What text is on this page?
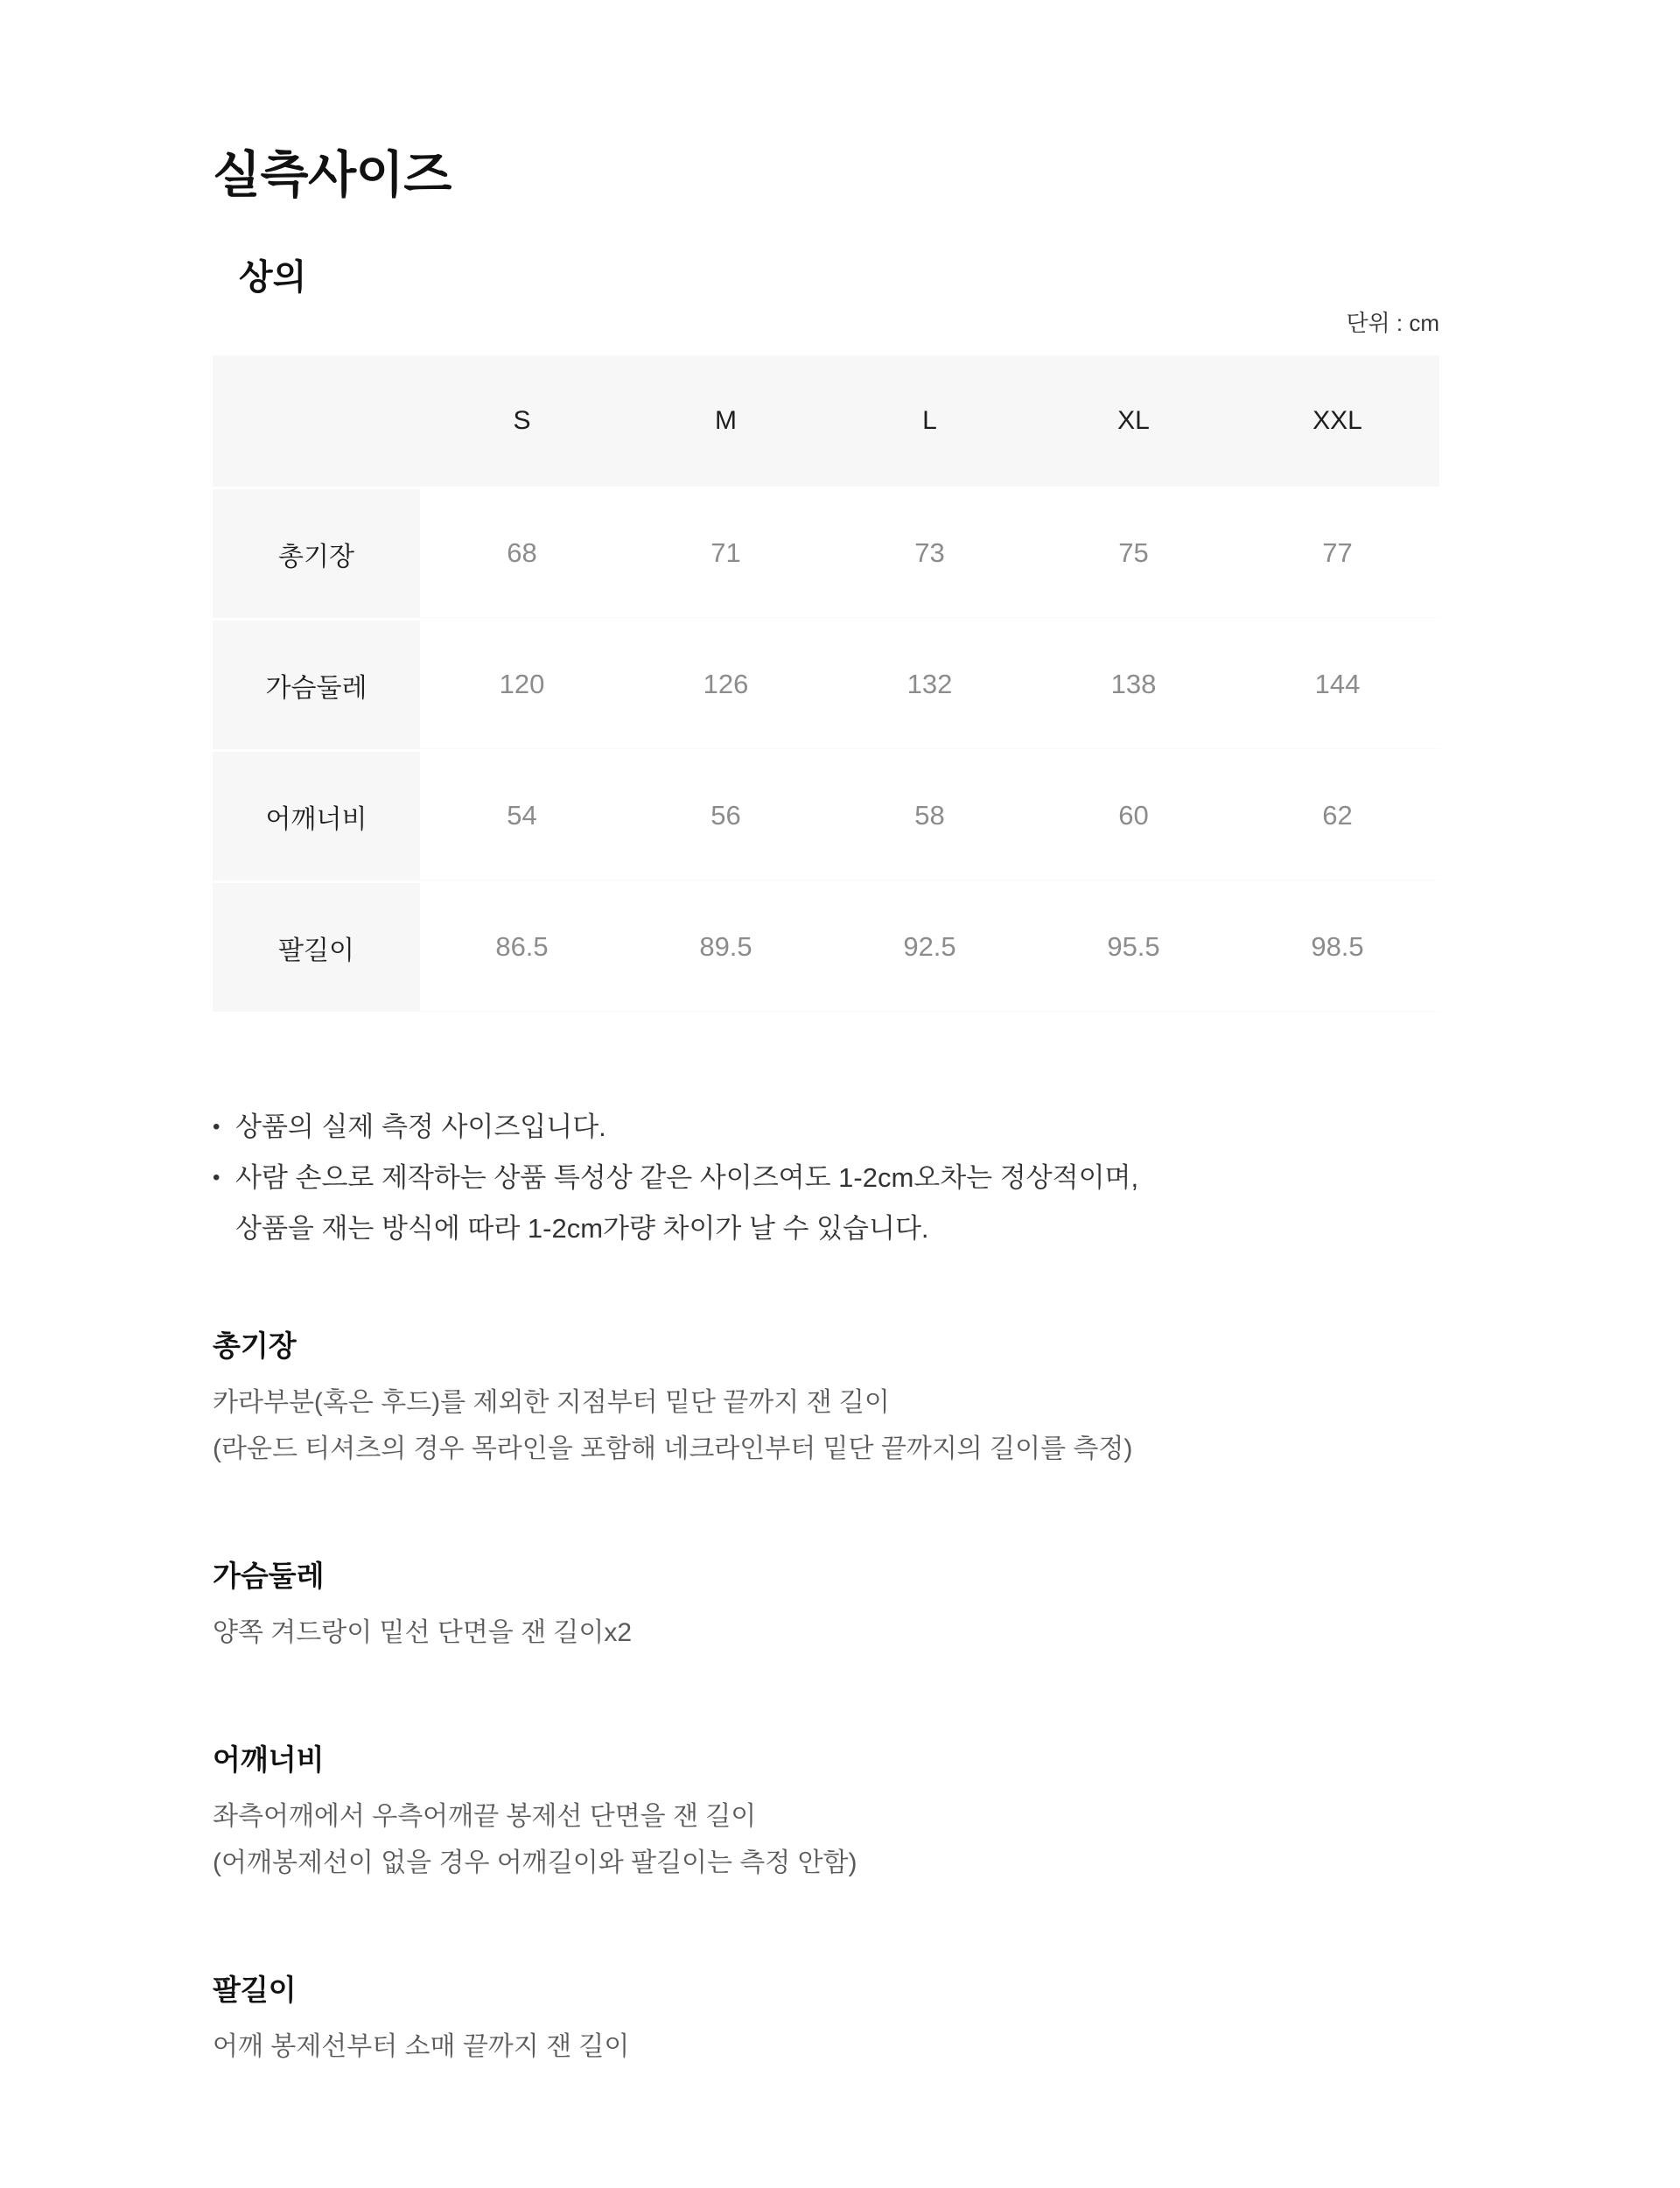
실측사이즈
상의
단위 : cm
	S	M	L	XL	XXL
총기장	68	71	73	75	77
가슴둘레	120	126	132	138	144
어깨너비	54	56	58	60	62
팔길이	86.5	89.5	92.5	95.5	98.5
• 상품의 실제 측정 사이즈입니다.
• 사람 손으로 제작하는 상품 특성상 같은 사이즈여도 1-2cm오차는 정상적이며,
상품을 재는 방식에 따라 1-2cm가량 차이가 날 수 있습니다.
총기장

카라부분(혹은 후드)를 제외한 지점부터 밑단 끝까지 잰 길이

(라운드 티셔츠의 경우 목라인을 포함해 네크라인부터 밑단 끝까지의 길이를 측정)

가슴둘레

양쪽 겨드랑이 밑선 단면을 잰 길이x2

어깨너비

좌측어깨에서 우측어깨끝 봉제선 단면을 잰 길이

(어깨봉제선이 없을 경우 어깨길이와 팔길이는 측정 안함)

팔길이

어깨 봉제선부터 소매 끝까지 잰 길이
